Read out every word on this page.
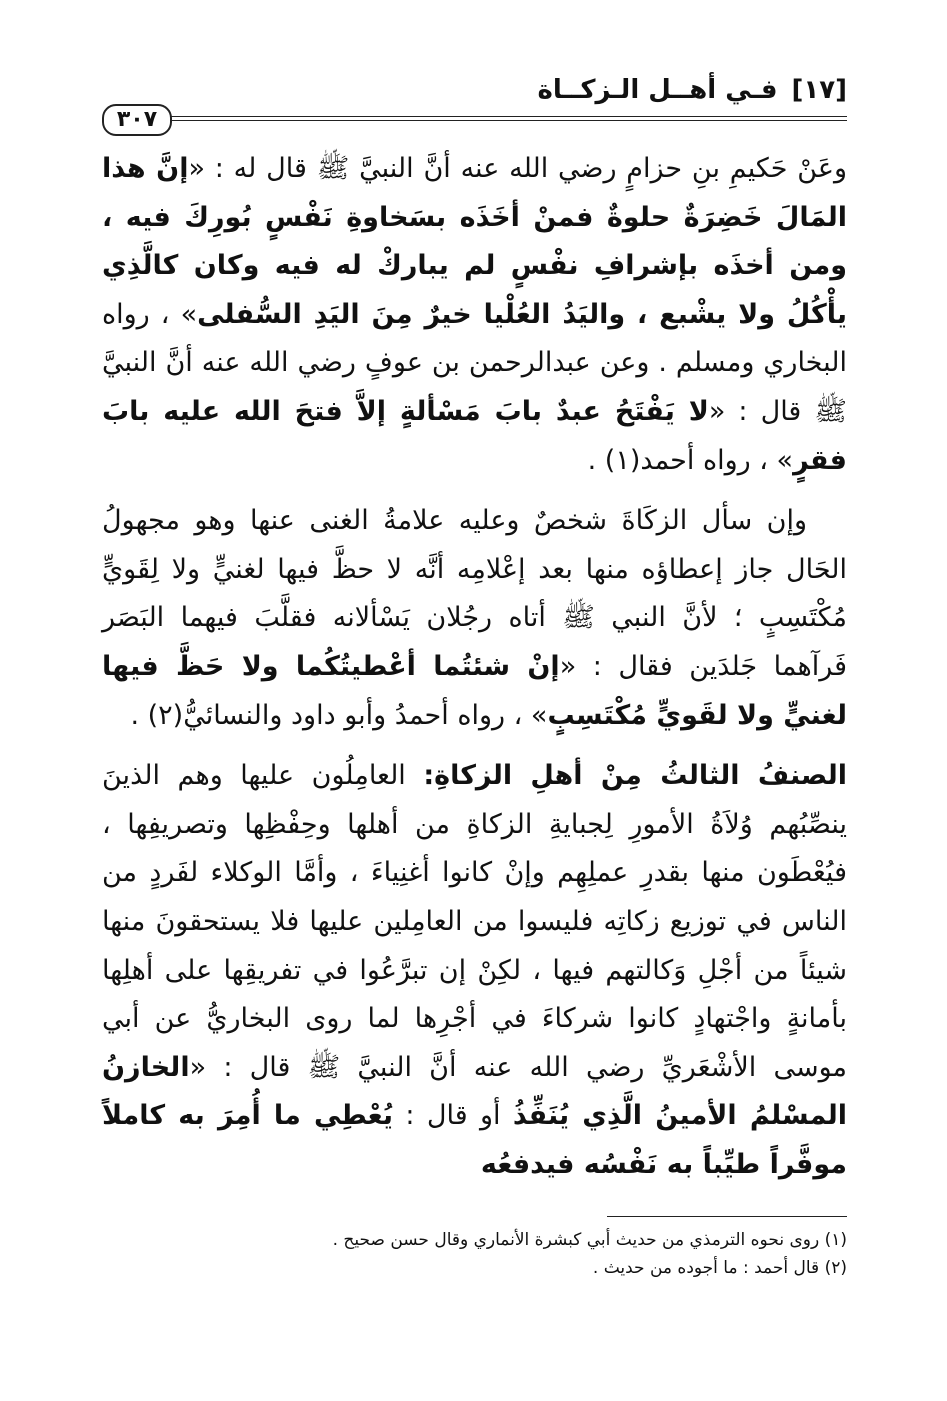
[١٧]فـي أهــل الـزكــاة
٣٠٧

وعَنْ حَكيمِ بنِ حزامٍ رضي الله عنه أنَّ النبيَّ ﷺ قال له : «إنَّ هذا المَالَ خَضِرَةٌ حلوةٌ فمنْ أخَذَه بسَخاوةِ نَفْسٍ بُورِكَ فيه ، ومن أخذَه بإشرافِ نفْسٍ لم يباركْ له فيه وكان كالَّذِي يأْكُلُ ولا يشْبع ، واليَدُ العُلْيا خيرٌ مِنَ اليَدِ السُّفلى» ، رواه البخاري ومسلم . وعن عبدالرحمن بن عوفٍ رضي الله عنه أنَّ النبيَّ ﷺ قال : «لا يَفْتَحُ عبدٌ بابَ مَسْألةٍ إلاَّ فتحَ الله عليه بابَ فقرٍ» ، رواه أحمد(١) .

وإن سأل الزكَاةَ شخصٌ وعليه علامةُ الغنى عنها وهو مجهولُ الحَال جاز إعطاؤه منها بعد إعْلامِه أنَّه لا حظَّ فيها لغنيٍّ ولا لِقَويٍّ مُكْتَسِبٍ ؛ لأنَّ النبي ﷺ أتاه رجُلان يَسْألانه فقلَّبَ فيهما البَصَر فَرآهما جَلدَين فقال : «إنْ شئتُما أعْطيتُكُما ولا حَظَّ فيها لغنيٍّ ولا لقَويٍّ مُكْتَسِبٍ» ، رواه أحمدُ وأبو داود والنسائيُّ(٢) .

الصنفُ الثالثُ مِنْ أهلِ الزكاةِ: العامِلُون عليها وهم الذينَ ينصِّبُهم وُلاَةُ الأمورِ لِجبايةِ الزكاةِ من أهلها وحِفْظِها وتصريفِها ، فيُعْطَون منها بقدرِ عملِهِم وإنْ كانوا أغنِياءَ ، وأمَّا الوكلاء لفَردٍ من الناس في توزيع زكاتِه فليسوا من العامِلين عليها فلا يستحقونَ منها شيئاً من أجْلِ وَكالتهم فيها ، لكِنْ إن تبرَّعُوا في تفريقِها على أهلِها بأمانةٍ واجْتهادٍ كانوا شركاءَ في أجْرِها لما روى البخاريُّ عن أبي موسى الأشْعَريِّ رضي الله عنه أنَّ النبيَّ ﷺ قال : «الخازنُ المسْلمُ الأمينُ الَّذِي يُنَفِّذُ أو قال : يُعْطِي ما أُمِرَ به كاملاً موفَّراً طيِّباً به نَفْسُه فيدفعُه

(١) روى نحوه الترمذي من حديث أبي كبشرة الأنماري وقال حسن صحيح .

(٢) قال أحمد : ما أجوده من حديث .
